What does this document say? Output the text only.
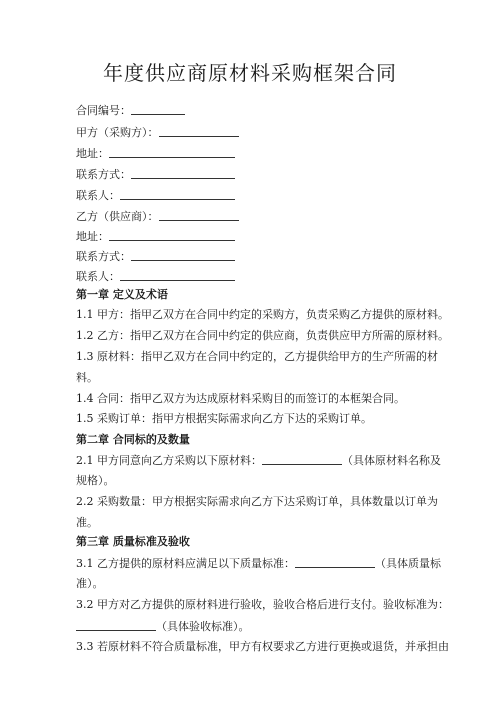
年度供应商原材料采购框架合同
合同编号：
甲方（采购方）：
地址：
联系方式：
联系人：
乙方（供应商）：
地址：
联系方式：
联系人：
第一章 定义及术语
1.1 甲方：指甲乙双方在合同中约定的采购方，负责采购乙方提供的原材料。
1.2 乙方：指甲乙双方在合同中约定的供应商，负责供应甲方所需的原材料。
1.3 原材料：指甲乙双方在合同中约定的，乙方提供给甲方的生产所需的材
料。
1.4 合同：指甲乙双方为达成原材料采购目的而签订的本框架合同。
1.5 采购订单：指甲方根据实际需求向乙方下达的采购订单。
第二章 合同标的及数量
2.1 甲方同意向乙方采购以下原材料：	（具体原材料名称及
规格）。
2.2 采购数量：甲方根据实际需求向乙方下达采购订单，具体数量以订单为
准。
第三章 质量标准及验收
3.1 乙方提供的原材料应满足以下质量标准：	（具体质量标
准）。
3.2 甲方对乙方提供的原材料进行验收，验收合格后进行支付。验收标准为：
（具体验收标准）。
3.3 若原材料不符合质量标准，甲方有权要求乙方进行更换或退货，并承担由
